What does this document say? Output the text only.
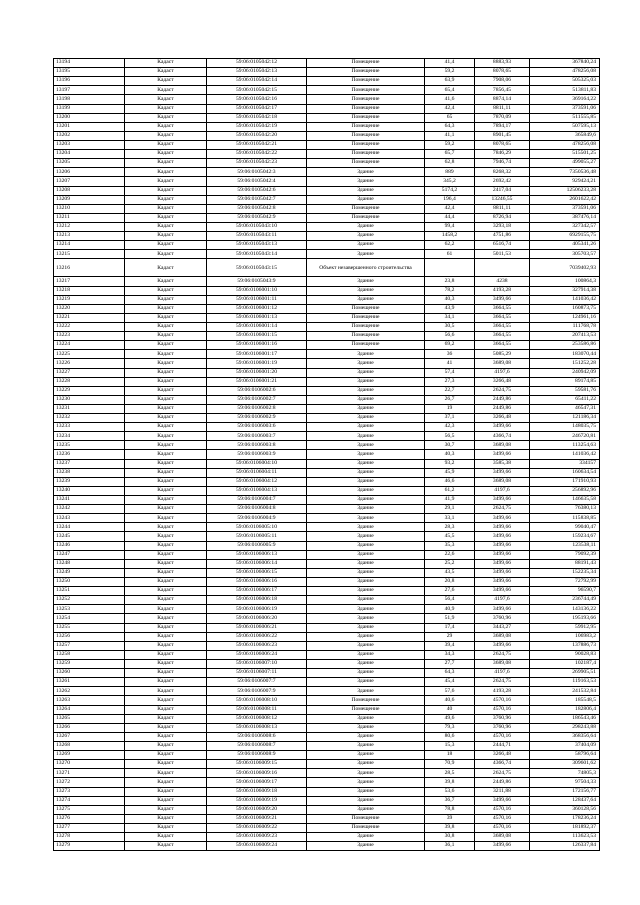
13194	Кадаст	59:06:0105042:12	Помещение	41,4	8883,93	367840,24
13195	Кадаст	59:06:0105042:13	Помещение	59,2	8078,65	478256,08
13196	Кадаст	59:06:0105042:14	Помещение	63,9	7908,06	505325,03
13197	Кадаст	59:06:0105042:15	Помещение	65,4	7856,45	513811,83
13198	Кадаст	59:06:0105042:16	Помещение	41,6	8874,14	369164,22
13199	Кадаст	59:06:0105042:17	Помещение	42,4	8811,11	373591,06
13200	Кадаст	59:06:0105042:18	Помещение	65	7870,09	511555,85
13201	Кадаст	59:06:0105042:19	Помещение	64,3	7894,17	507595,13
13202	Кадаст	59:06:0105042:20	Помещение	41,1	8901,45	365849,6
13203	Кадаст	59:06:0105042:21	Помещение	59,2	8078,65	478256,08
13204	Кадаст	59:06:0105042:22	Помещение	65,7	7846,29	515501,25
13205	Кадаст	59:06:0105042:23	Помещение	62,8	7946,74	499055,27
13206	Кадаст	59:06:0105042:3	Здание	889	8268,32	7350536,48
13207	Кадаст	59:06:0105042:4	Здание	345,2	2692,42	929424,21
13208	Кадаст	59:06:0105042:6	Здание	5174,2	2417,04	12506233,28
13209	Кадаст	59:06:0105042:7	Здание	196,4	13246,55	2601622,42
13210	Кадаст	59:06:0105042:8	Помещение	42,4	8811,11	373591,06
13211	Кадаст	59:06:0105042:9	Помещение	44,4	8726,94	387476,14
13212	Кадаст	59:06:0105043:10	Здание	99,4	3293,18	327342,57
13213	Кадаст	59:06:0105043:11	Здание	1458,2	4751,86	6929155,75
13214	Кадаст	59:06:0105043:13	Здание	62,2	6516,74	405341,26
13215	Кадаст	59:06:0105043:14	Здание	61	5011,53	305703,57
13216	Кадаст	59:06:0105043:15	Объект незавершенного строительства			7039402,93
13217	Кадаст	59:06:0105043:9	Здание	23,8	4238	100864,3
13218	Кадаст	59:06:0106001:10	Здание	78,2	4193,28	327914,38
13219	Кадаст	59:06:0106001:11	Здание	40,3	3499,66	141036,42
13220	Кадаст	59:06:0106001:12	Помещение	43,9	3664,55	160873,75
13221	Кадаст	59:06:0106001:13	Помещение	34,1	3664,55	124961,16
13222	Кадаст	59:06:0106001:14	Помещение	30,5	3664,55	111768,78
13223	Кадаст	59:06:0106001:15	Помещение	56,6	3664,55	207413,53
13224	Кадаст	59:06:0106001:16	Помещение	69,2	3664,55	253586,86
13225	Кадаст	59:06:0106001:17	Здание	36	5085,29	183070,44
13226	Кадаст	59:06:0106001:19	Здание	41	3689,08	151252,28
13227	Кадаст	59:06:0106001:20	Здание	57,4	4197,6	240942,09
13228	Кадаст	59:06:0106001:21	Здание	27,3	3266,48	89174,85
13229	Кадаст	59:06:0106002:6	Здание	22,7	2624,75	59581,76
13230	Кадаст	59:06:0106002:7	Здание	26,7	2449,86	65411,22
13231	Кадаст	59:06:0106002:8	Здание	19	2449,86	46547,31
13232	Кадаст	59:06:0106002:9	Здание	37,1	3266,48	121186,34
13233	Кадаст	59:06:0106003:6	Здание	42,3	3499,66	148035,75
13234	Кадаст	59:06:0106003:7	Здание	56,5	4366,74	246720,81
13235	Кадаст	59:06:0106003:8	Здание	30,7	3689,08	113254,63
13236	Кадаст	59:06:0106003:9	Здание	40,3	3499,66	141036,42
13237	Кадаст	59:06:0106004:10	Здание	93,2	3585,38	334157
13238	Кадаст	59:06:0106004:11	Здание	45,9	3499,66	160634,54
13239	Кадаст	59:06:0106004:12	Здание	46,6	3689,08	171910,93
13240	Кадаст	59:06:0106004:13	Здание	61,2	4197,6	256892,96
13241	Кадаст	59:06:0106004:7	Здание	41,9	3499,66	146635,58
13242	Кадаст	59:06:0106004:8	Здание	29,1	2624,75	76380,13
13243	Кадаст	59:06:0106004:9	Здание	33,1	3499,66	115838,85
13244	Кадаст	59:06:0106005:10	Здание	28,3	3499,66	99040,47
13245	Кадаст	59:06:0106005:11	Здание	45,5	3499,66	159234,67
13246	Кадаст	59:06:0106005:9	Здание	35,3	3499,66	123538,11
13247	Кадаст	59:06:0106006:13	Здание	22,6	3499,66	79092,39
13248	Кадаст	59:06:0106006:14	Здание	25,2	3499,66	88191,43
13249	Кадаст	59:06:0106006:15	Здание	43,5	3499,66	152235,34
13250	Кадаст	59:06:0106006:16	Здание	20,8	3499,66	72792,99
13251	Кадаст	59:06:0106006:17	Здание	27,6	3499,66	96590,7
13252	Кадаст	59:06:0106006:18	Здание	56,4	4197,6	236744,49
13253	Кадаст	59:06:0106006:19	Здание	40,9	3499,66	143136,22
13254	Кадаст	59:06:0106006:20	Здание	51,9	3760,96	195193,66
13255	Кадаст	59:06:0106006:21	Здание	17,4	3443,27	59912,95
13256	Кадаст	59:06:0106006:22	Здание	29	3689,08	106983,2
13257	Кадаст	59:06:0106006:23	Здание	39,4	3499,66	137886,73
13258	Кадаст	59:06:0106006:24	Здание	34,3	2624,75	90028,83
13259	Кадаст	59:06:0106007:10	Здание	27,7	3689,08	102187,4
13260	Кадаст	59:06:0106007:11	Здание	64,3	4197,6	269905,51
13261	Кадаст	59:06:0106007:7	Здание	45,4	2624,75	119163,53
13262	Кадаст	59:06:0106007:9	Здание	57,6	4193,28	241532,84
13263	Кадаст	59:06:0106008:10	Помещение	40,6	4570,16	185548,5
13264	Кадаст	59:06:0106008:11	Помещение	40	4570,16	182806,4
13265	Кадаст	59:06:0106008:12	Здание	49,6	3760,96	186543,46
13266	Кадаст	59:06:0106008:13	Здание	79,3	3760,96	298243,88
13267	Кадаст	59:06:0106008:6	Здание	80,6	4570,16	368356,64
13268	Кадаст	59:06:0106008:7	Здание	15,3	2444,71	37404,09
13269	Кадаст	59:06:0106008:9	Здание	18	3266,48	58796,64
13270	Кадаст	59:06:0106009:15	Здание	70,9	4366,74	309601,62
13271	Кадаст	59:06:0106009:16	Здание	28,5	2624,75	74805,3
13272	Кадаст	59:06:0106009:17	Здание	39,8	2449,86	97504,33
13273	Кадаст	59:06:0106009:18	Здание	53,6	3211,88	172156,77
13274	Кадаст	59:06:0106009:19	Здание	36,7	3499,66	128437,64
13275	Кадаст	59:06:0106009:20	Здание	78,8	4570,16	360128,56
13276	Кадаст	59:06:0106009:21	Помещение	39	4570,16	178236,24
13277	Кадаст	59:06:0106009:22	Помещение	39,8	4570,16	181892,37
13278	Кадаст	59:06:0106009:23	Здание	30,8	3689,08	113623,53
13279	Кадаст	59:06:0106009:24	Здание	36,1	3499,66	126337,84
